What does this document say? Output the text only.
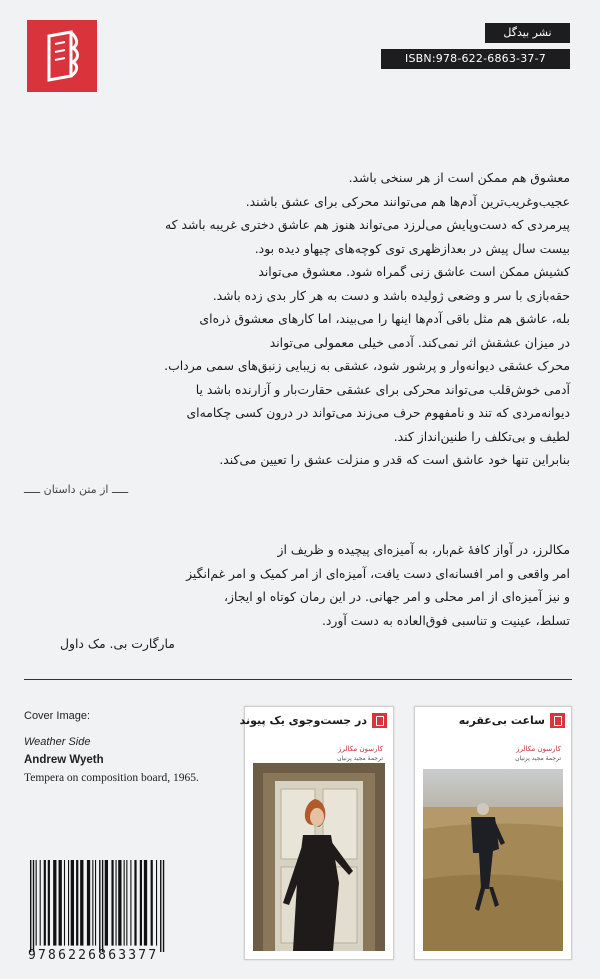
نشر بیدگل
ISBN:978-622-6863-37-7

معشوق هم ممکن است از هر سنخی باشد.

عجیب‌وغریب‌ترین آدم‌ها هم می‌توانند محرکی برای عشق باشند.

پیرمردی که دست‌وپایش می‌لرزد می‌تواند هنوز هم عاشق دختری غریبه باشد که

بیست سال پیش در بعدازظهری توی کوچه‌های چیهاو دیده بود.

کشیش ممکن است عاشق زنی گمراه شود. معشوق می‌تواند

حقه‌بازی با سر و وضعی ژولیده باشد و دست به هر کار بدی زده باشد.

بله، عاشق هم مثل باقی آدم‌ها اینها را می‌بیند، اما کارهای معشوق ذره‌ای

در میزان عشقش اثر نمی‌کند. آدمی خیلی معمولی می‌تواند

محرک عشقی دیوانه‌وار و پرشور شود، عشقی به زیبایی زنبق‌های سمی مرداب.

آدمی خوش‌قلب می‌تواند محرکی برای عشقی حقارت‌بار و آزارنده باشد یا

دیوانه‌مردی که تند و نامفهوم حرف می‌زند می‌تواند در درون کسی چکامه‌ای

لطیف و بی‌تکلف را طنین‌انداز کند.

بنابراین تنها خود عاشق است که قدر و منزلت عشق را تعیین می‌کند.

ـــــ از متن داستان ـــــ

مکالرز، در آواز کافهٔ غم‌بار، به آمیزه‌ای پیچیده و ظریف از

امر واقعی و امر افسانه‌ای دست یافت، آمیزه‌ای از امر کمیک و امر غم‌انگیز

و نیز آمیزه‌ای از امر محلی و امر جهانی. در این رمان کوتاه او ایجاز،

تسلط، عینیت و تناسبی فوق‌العاده به دست آورد.

مارگارت بی. مک داول

Cover Image:
Weather Side
Andrew Wyeth
Tempera on composition board, 1965.
9786226863377
در جست‌وجوی یک پیوند
کارسون مکالرز
ترجمهٔ مجید پرنیان
ساعت بی‌عقربه
کارسون مکالرز
ترجمهٔ مجید پرنیان
